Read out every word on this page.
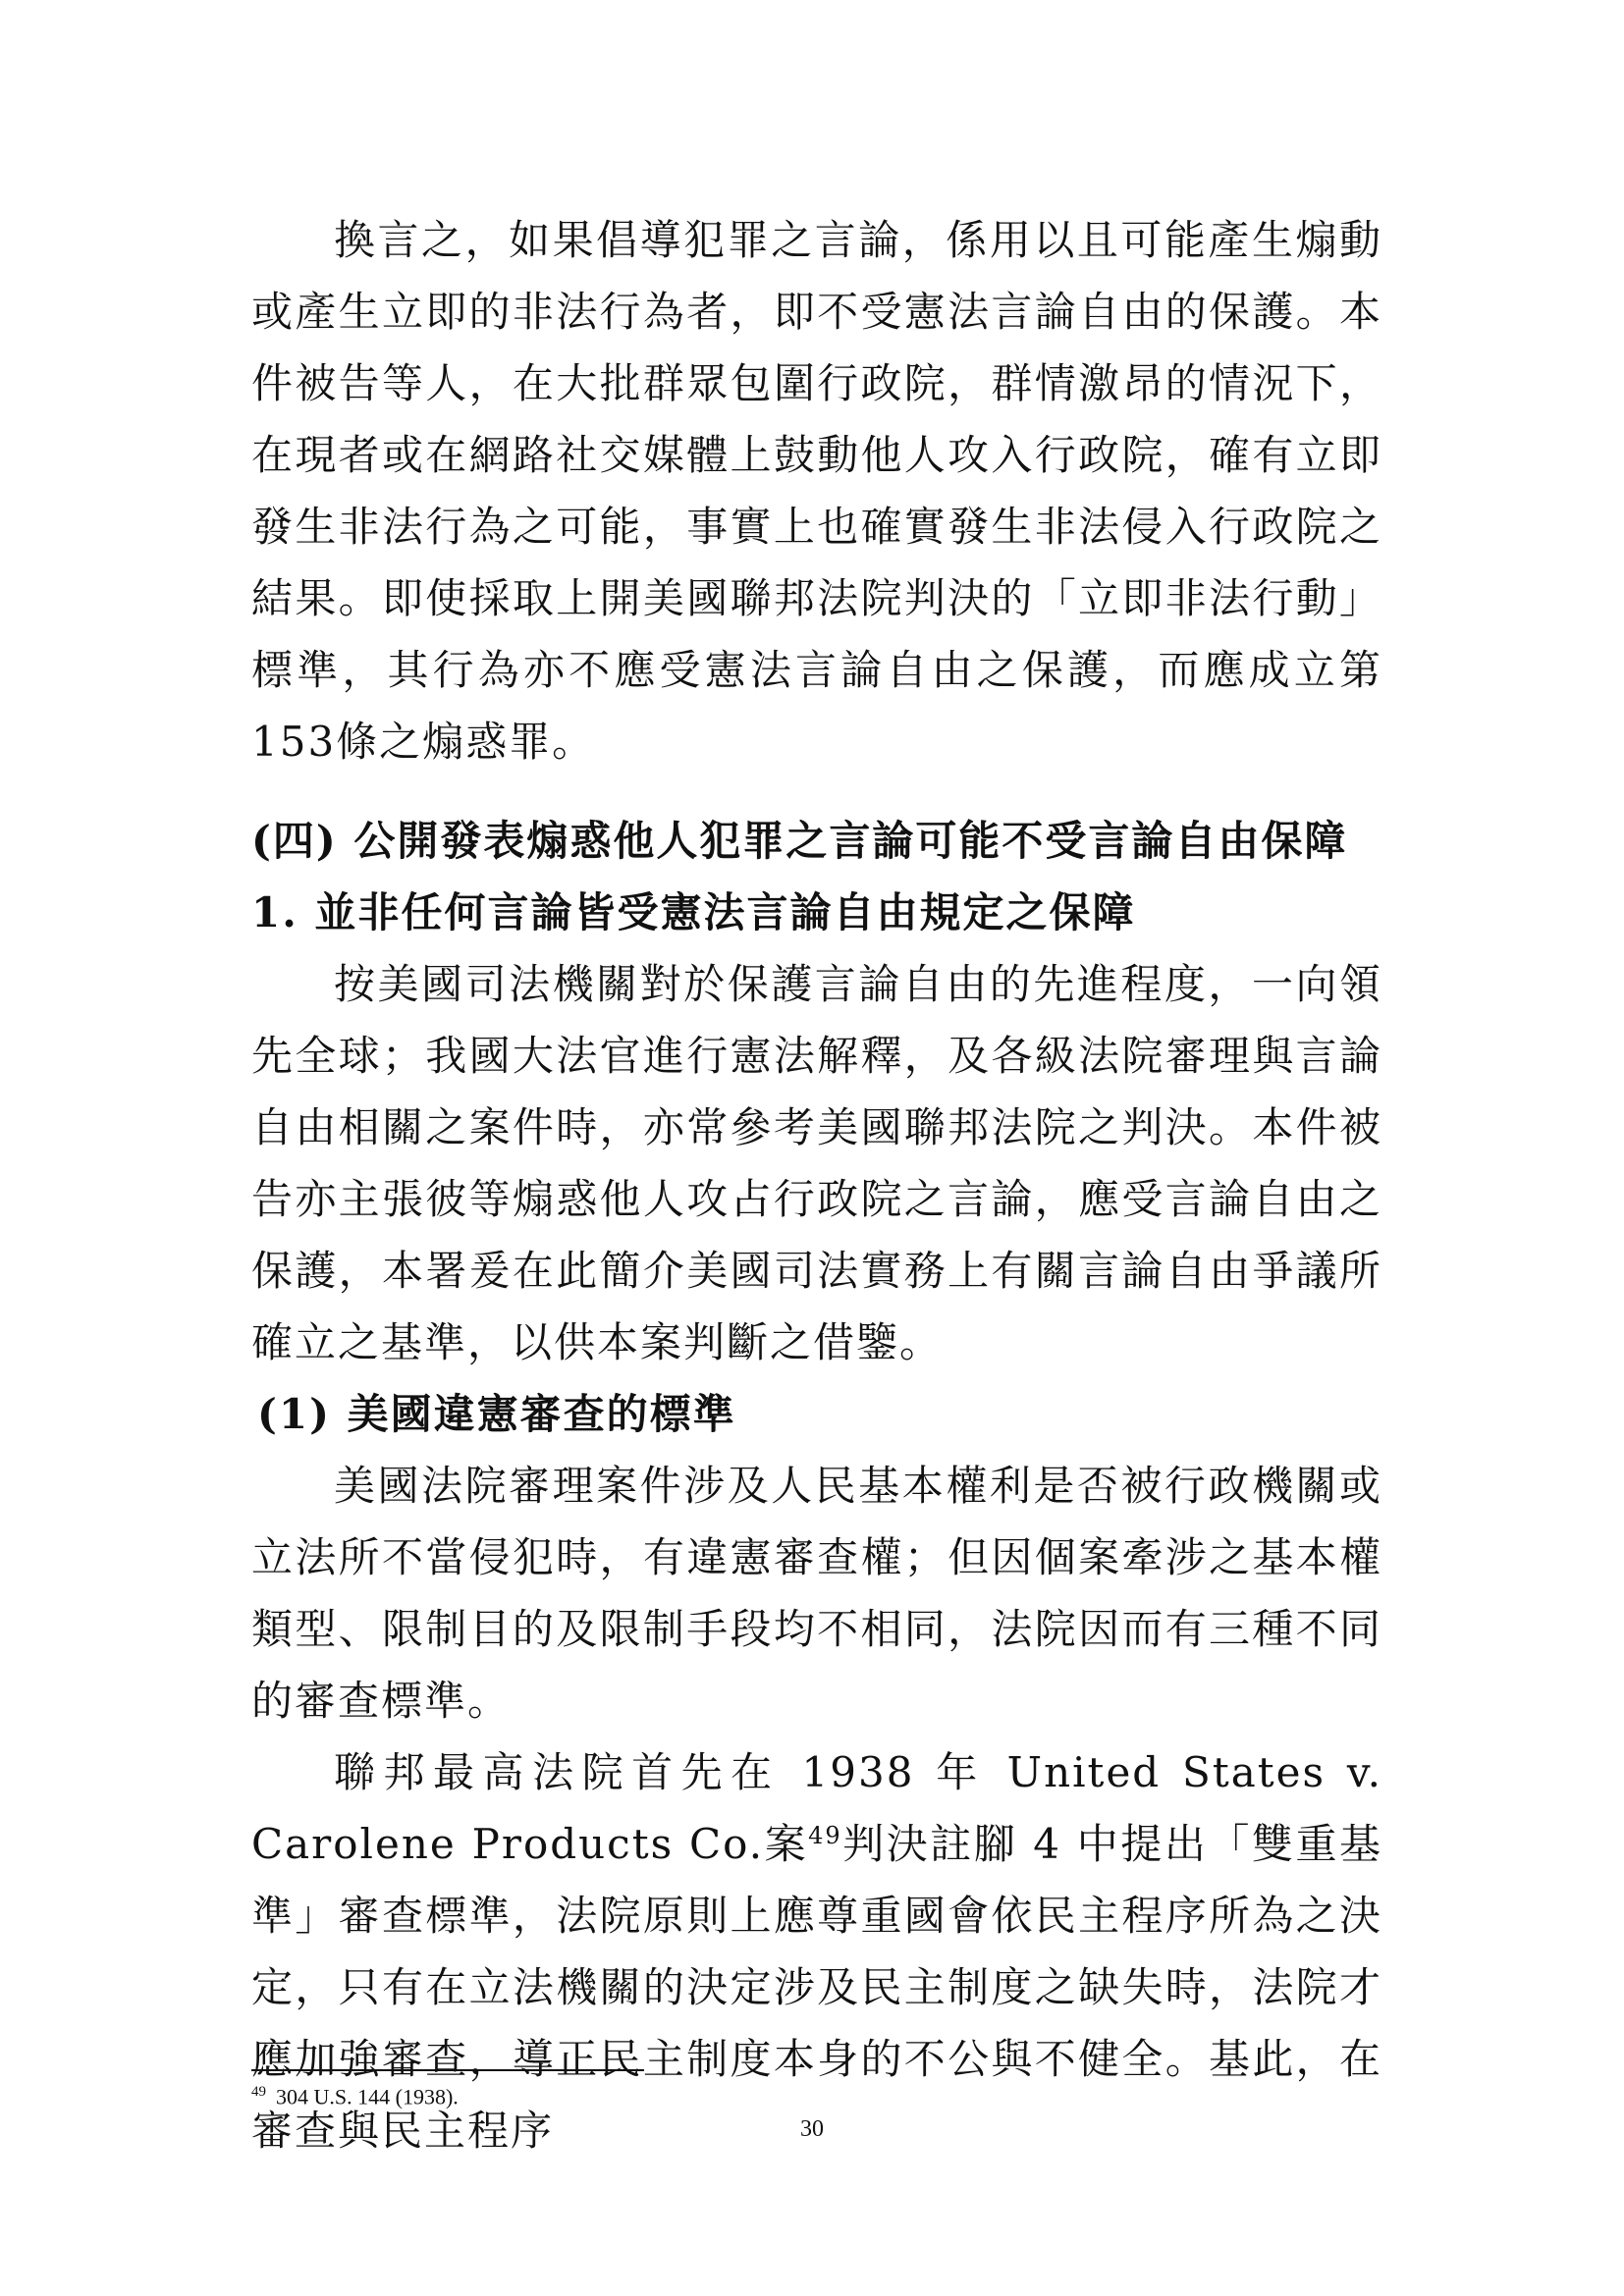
換言之，如果倡導犯罪之言論，係用以且可能產生煽動或產生立即的非法行為者，即不受憲法言論自由的保護。本件被告等人，在大批群眾包圍行政院，群情激昂的情況下，在現者或在網路社交媒體上鼓動他人攻入行政院，確有立即發生非法行為之可能，事實上也確實發生非法侵入行政院之結果。即使採取上開美國聯邦法院判決的「立即非法行動」標準，其行為亦不應受憲法言論自由之保護，而應成立第153條之煽惑罪。

(四) 公開發表煽惑他人犯罪之言論可能不受言論自由保障

1. 並非任何言論皆受憲法言論自由規定之保障

按美國司法機關對於保護言論自由的先進程度，一向領先全球；我國大法官進行憲法解釋，及各級法院審理與言論自由相關之案件時，亦常參考美國聯邦法院之判決。本件被告亦主張彼等煽惑他人攻占行政院之言論，應受言論自由之保護，本署爰在此簡介美國司法實務上有關言論自由爭議所確立之基準，以供本案判斷之借鑒。

(1) 美國違憲審查的標準

美國法院審理案件涉及人民基本權利是否被行政機關或立法所不當侵犯時，有違憲審查權；但因個案牽涉之基本權類型、限制目的及限制手段均不相同，法院因而有三種不同的審查標準。

聯邦最高法院首先在 1938 年 United States v. Carolene Products Co.案$^{49}$判決註腳 4 中提出「雙重基準」審查標準，法院原則上應尊重國會依民主程序所為之決定，只有在立法機關的決定涉及民主制度之缺失時，法院才應加強審查，導正民主制度本身的不公與不健全。基此，在審查與民主程序

$^{49}$ 304 U.S. 144 (1938).
30
